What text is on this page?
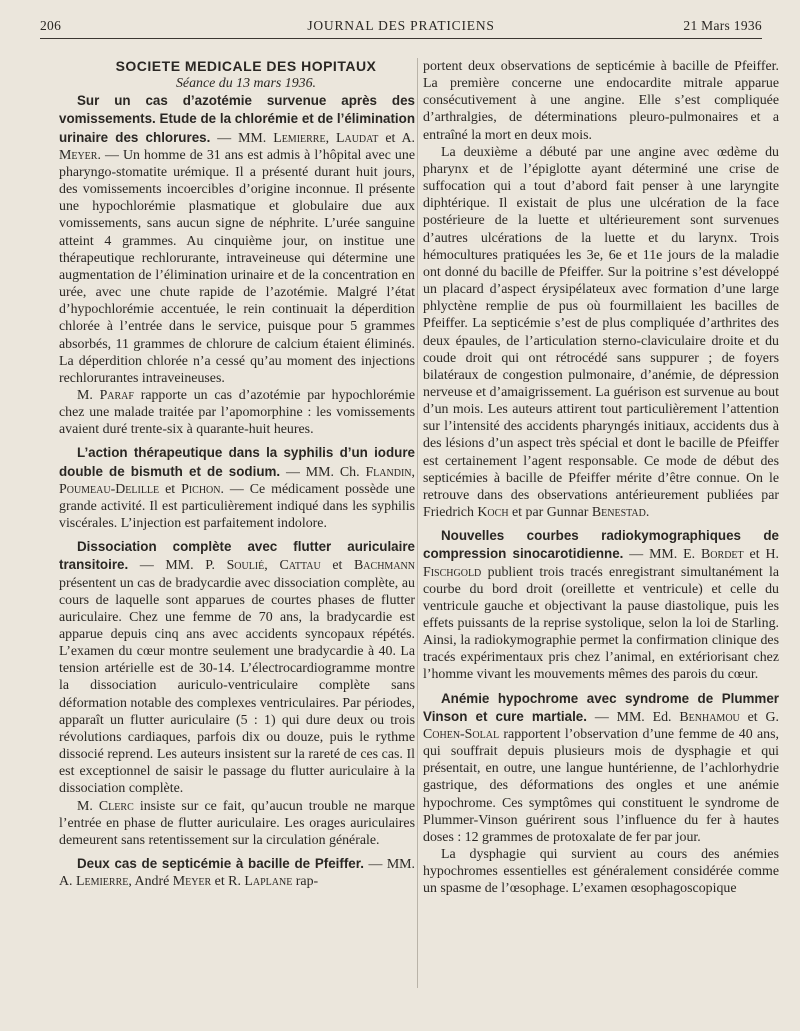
206	JOURNAL DES PRATICIENS	21 Mars 1936

SOCIETE MEDICALE DES HOPITAUX

Séance du 13 mars 1936.

Sur un cas d’azotémie survenue après des vomissements. Etude de la chlorémie et de l’élimination urinaire des chlorures. — MM. Lemierre, Laudat et A. Meyer. — Un homme de 31 ans est admis à l’hôpital avec une pharyngo-stomatite urémique. Il a présenté durant huit jours, des vomissements incoercibles d’origine inconnue. Il présente une hypochlorémie plasmatique et globulaire due aux vomissements, sans aucun signe de néphrite. L’urée sanguine atteint 4 grammes. Au cinquième jour, on institue une thérapeutique rechlorurante, intraveineuse qui détermine une augmentation de l’élimination urinaire et de la concentration en urée, avec une chute rapide de l’azotémie. Malgré l’état d’hypochlorémie accentuée, le rein continuait la déperdition chlorée à l’entrée dans le service, puisque pour 5 grammes absorbés, 11 grammes de chlorure de calcium étaient éliminés. La déperdition chlorée n’a cessé qu’au moment des injections rechlorurantes intraveineuses.

M. Paraf rapporte un cas d’azotémie par hypochlorémie chez une malade traitée par l’apomorphine : les vomissements avaient duré trente-six à quarante-huit heures.

L’action thérapeutique dans la syphilis d’un iodure double de bismuth et de sodium. — MM. Ch. Flandin, Poumeau-Delille et Pichon. — Ce médicament possède une grande activité. Il est particulièrement indiqué dans les syphilis viscérales. L’injection est parfaitement indolore.

Dissociation complète avec flutter auriculaire transitoire. — MM. P. Soulié, Cattau et Bachmann présentent un cas de bradycardie avec dissociation complète, au cours de laquelle sont apparues de courtes phases de flutter auriculaire. Chez une femme de 70 ans, la bradycardie est apparue depuis cinq ans avec accidents syncopaux répétés. L’examen du cœur montre seulement une bradycardie à 40. La tension artérielle est de 30-14. L’électrocardiogramme montre la dissociation auriculo-ventriculaire complète sans déformation notable des complexes ventriculaires. Par périodes, apparaît un flutter auriculaire (5 : 1) qui dure deux ou trois révolutions cardiaques, parfois dix ou douze, puis le rythme dissocié reprend. Les auteurs insistent sur la rareté de ces cas. Il est exceptionnel de saisir le passage du flutter auriculaire à la dissociation complète.

M. Clerc insiste sur ce fait, qu’aucun trouble ne marque l’entrée en phase de flutter auriculaire. Les orages auriculaires demeurent sans retentissement sur la circulation générale.

Deux cas de septicémie à bacille de Pfeiffer. — MM. A. Lemierre, André Meyer et R. Laplane rap-

portent deux observations de septicémie à bacille de Pfeiffer. La première concerne une endocardite mitrale apparue consécutivement à une angine. Elle s’est compliquée d’arthralgies, de déterminations pleuro-pulmonaires et a entraîné la mort en deux mois.

La deuxième a débuté par une angine avec œdème du pharynx et de l’épiglotte ayant déterminé une crise de suffocation qui a tout d’abord fait penser à une laryngite diphtérique. Il existait de plus une ulcération de la face postérieure de la luette et ultérieurement sont survenues d’autres ulcérations de la luette et du larynx. Trois hémocultures pratiquées les 3e, 6e et 11e jours de la maladie ont donné du bacille de Pfeiffer. Sur la poitrine s’est développé un placard d’aspect érysipélateux avec formation d’une large phlyctène remplie de pus où fourmillaient les bacilles de Pfeiffer. La septicémie s’est de plus compliquée d’arthrites des deux épaules, de l’articulation sterno-claviculaire droite et du coude droit qui ont rétrocédé sans suppurer ; de foyers bilatéraux de congestion pulmonaire, d’anémie, de dépression nerveuse et d’amaigrissement. La guérison est survenue au bout d’un mois. Les auteurs attirent tout particulièrement l’attention sur l’intensité des accidents pharyngés initiaux, accidents dus à des lésions d’un aspect très spécial et dont le bacille de Pfeiffer est certainement l’agent responsable. Ce mode de début des septicémies à bacille de Pfeiffer mérite d’être connue. On le retrouve dans des observations antérieurement publiées par Friedrich Koch et par Gunnar Benestad.

Nouvelles courbes radiokymographiques de compression sinocarotidienne. — MM. E. Bordet et H. Fischgold publient trois tracés enregistrant simultanément la courbe du bord droit (oreillette et ventricule) et celle du ventricule gauche et objectivant la pause diastolique, puis les effets puissants de la reprise systolique, selon la loi de Starling. Ainsi, la radiokymographie permet la confirmation clinique des tracés expérimentaux pris chez l’animal, en extériorisant chez l’homme vivant les mouvements mêmes des parois du cœur.

Anémie hypochrome avec syndrome de Plummer Vinson et cure martiale. — MM. Ed. Benhamou et G. Cohen-Solal rapportent l’observation d’une femme de 40 ans, qui souffrait depuis plusieurs mois de dysphagie et qui présentait, en outre, une langue huntérienne, de l’achlorhydrie gastrique, des déformations des ongles et une anémie hypochrome. Ces symptômes qui constituent le syndrome de Plummer-Vinson guérirent sous l’influence du fer à hautes doses : 12 grammes de protoxalate de fer par jour.

La dysphagie qui survient au cours des anémies hypochromes essentielles est généralement considérée comme un spasme de l’œsophage. L’examen œsophagoscopique
